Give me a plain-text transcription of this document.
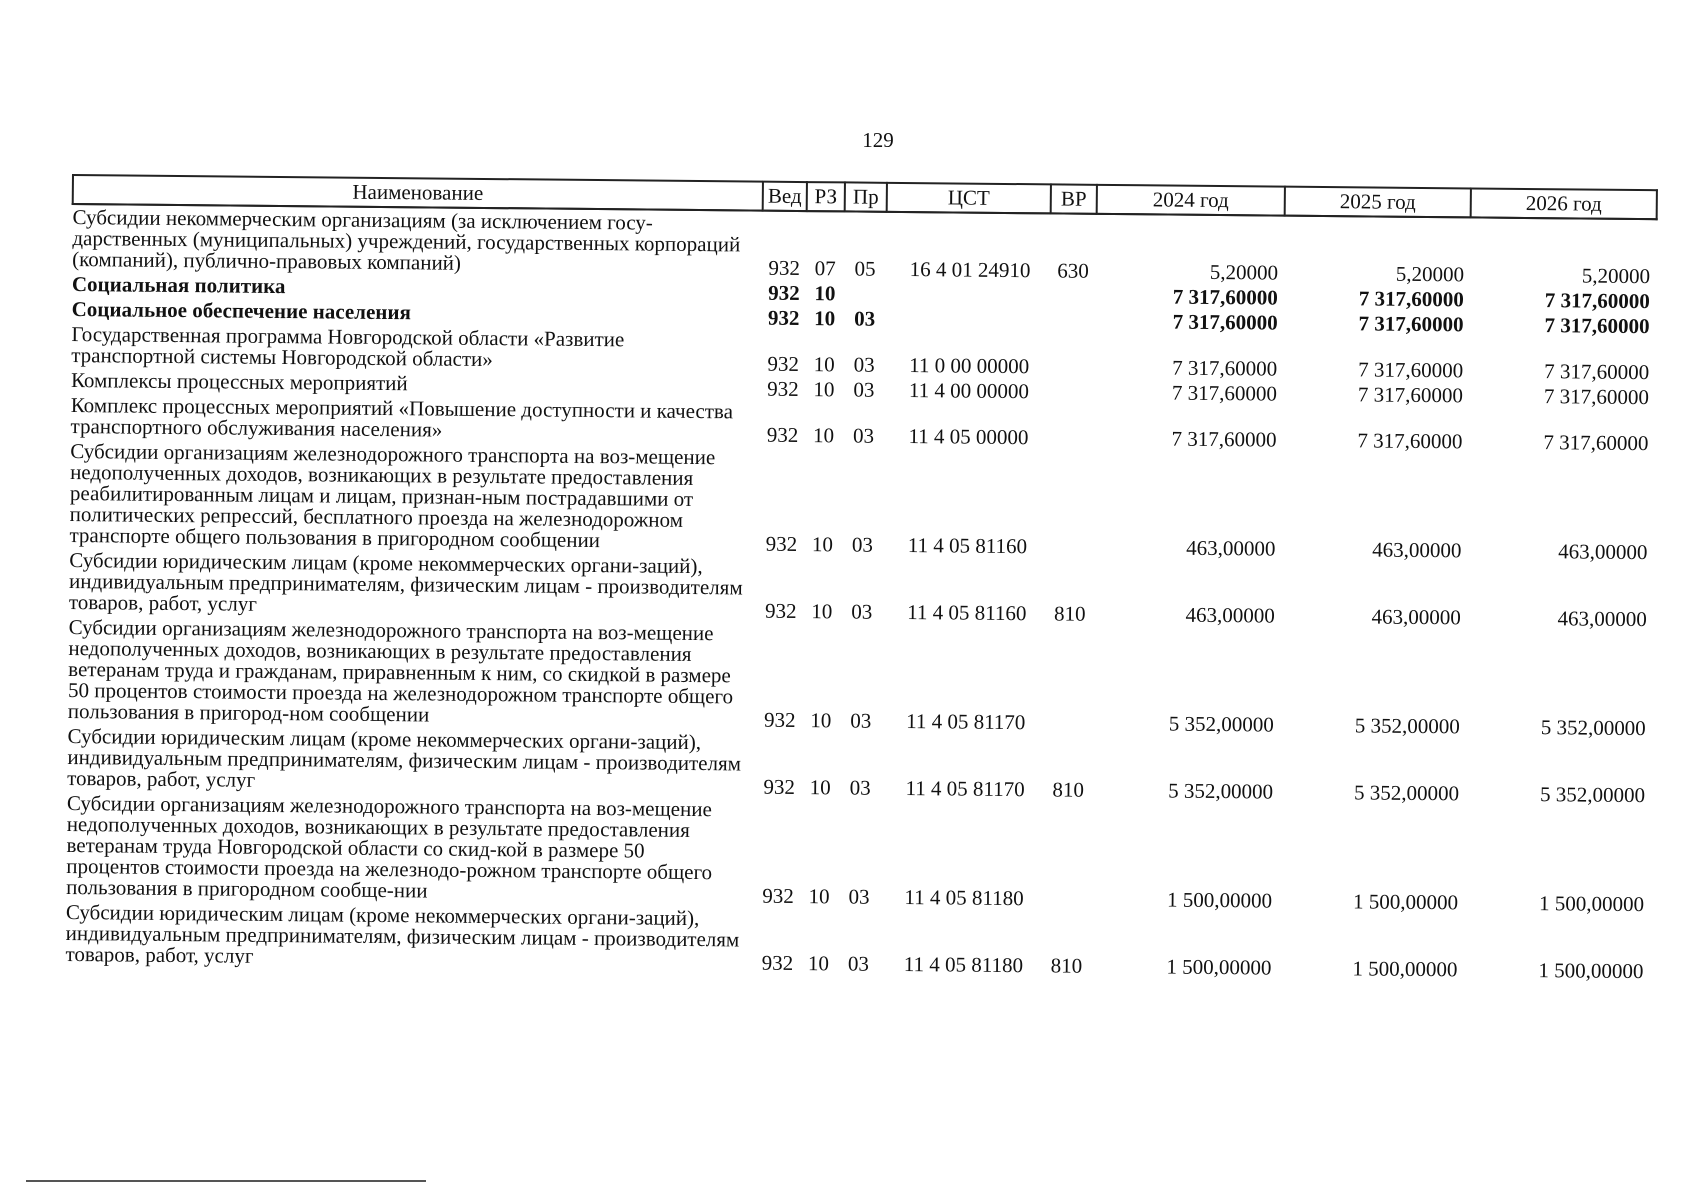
129
Наименование	Вед	РЗ	Пр	ЦСТ	ВР	2024 год	2025 год	2026 год
Субсидии некоммерческим организациям (за исключением госу-дарственных (муниципальных) учреждений, государственных корпораций (компаний), публично-правовых компаний)	932	07	05	16 4 01 24910	630	5,20000	5,20000	5,20000
Социальная политика	932	10				7 317,60000	7 317,60000	7 317,60000
Социальное обеспечение населения	932	10	03			7 317,60000	7 317,60000	7 317,60000
Государственная программа Новгородской области «Развитие транспортной системы Новгородской области»	932	10	03	11 0 00 00000		7 317,60000	7 317,60000	7 317,60000
Комплексы процессных мероприятий	932	10	03	11 4 00 00000		7 317,60000	7 317,60000	7 317,60000
Комплекс процессных мероприятий «Повышение доступности и качества транспортного обслуживания населения»	932	10	03	11 4 05 00000		7 317,60000	7 317,60000	7 317,60000
Субсидии организациям железнодорожного транспорта на воз-мещение недополученных доходов, возникающих в результате предоставления реабилитированным лицам и лицам, признан-ным пострадавшими от политических репрессий, бесплатного проезда на железнодорожном транспорте общего пользования в пригородном сообщении	932	10	03	11 4 05 81160		463,00000	463,00000	463,00000
Субсидии юридическим лицам (кроме некоммерческих органи-заций), индивидуальным предпринимателям, физическим лицам - производителям товаров, работ, услуг	932	10	03	11 4 05 81160	810	463,00000	463,00000	463,00000
Субсидии организациям железнодорожного транспорта на воз-мещение недополученных доходов, возникающих в результате предоставления ветеранам труда и гражданам, приравненным к ним, со скидкой в размере 50 процентов стоимости проезда на железнодорожном транспорте общего пользования в пригород-ном сообщении	932	10	03	11 4 05 81170		5 352,00000	5 352,00000	5 352,00000
Субсидии юридическим лицам (кроме некоммерческих органи-заций), индивидуальным предпринимателям, физическим лицам - производителям товаров, работ, услуг	932	10	03	11 4 05 81170	810	5 352,00000	5 352,00000	5 352,00000
Субсидии организациям железнодорожного транспорта на воз-мещение недополученных доходов, возникающих в результате предоставления ветеранам труда Новгородской области со скид-кой в размере 50 процентов стоимости проезда на железнодо-рожном транспорте общего пользования в пригородном сообще-нии	932	10	03	11 4 05 81180		1 500,00000	1 500,00000	1 500,00000
Субсидии юридическим лицам (кроме некоммерческих органи-заций), индивидуальным предпринимателям, физическим лицам - производителям товаров, работ, услуг	932	10	03	11 4 05 81180	810	1 500,00000	1 500,00000	1 500,00000
